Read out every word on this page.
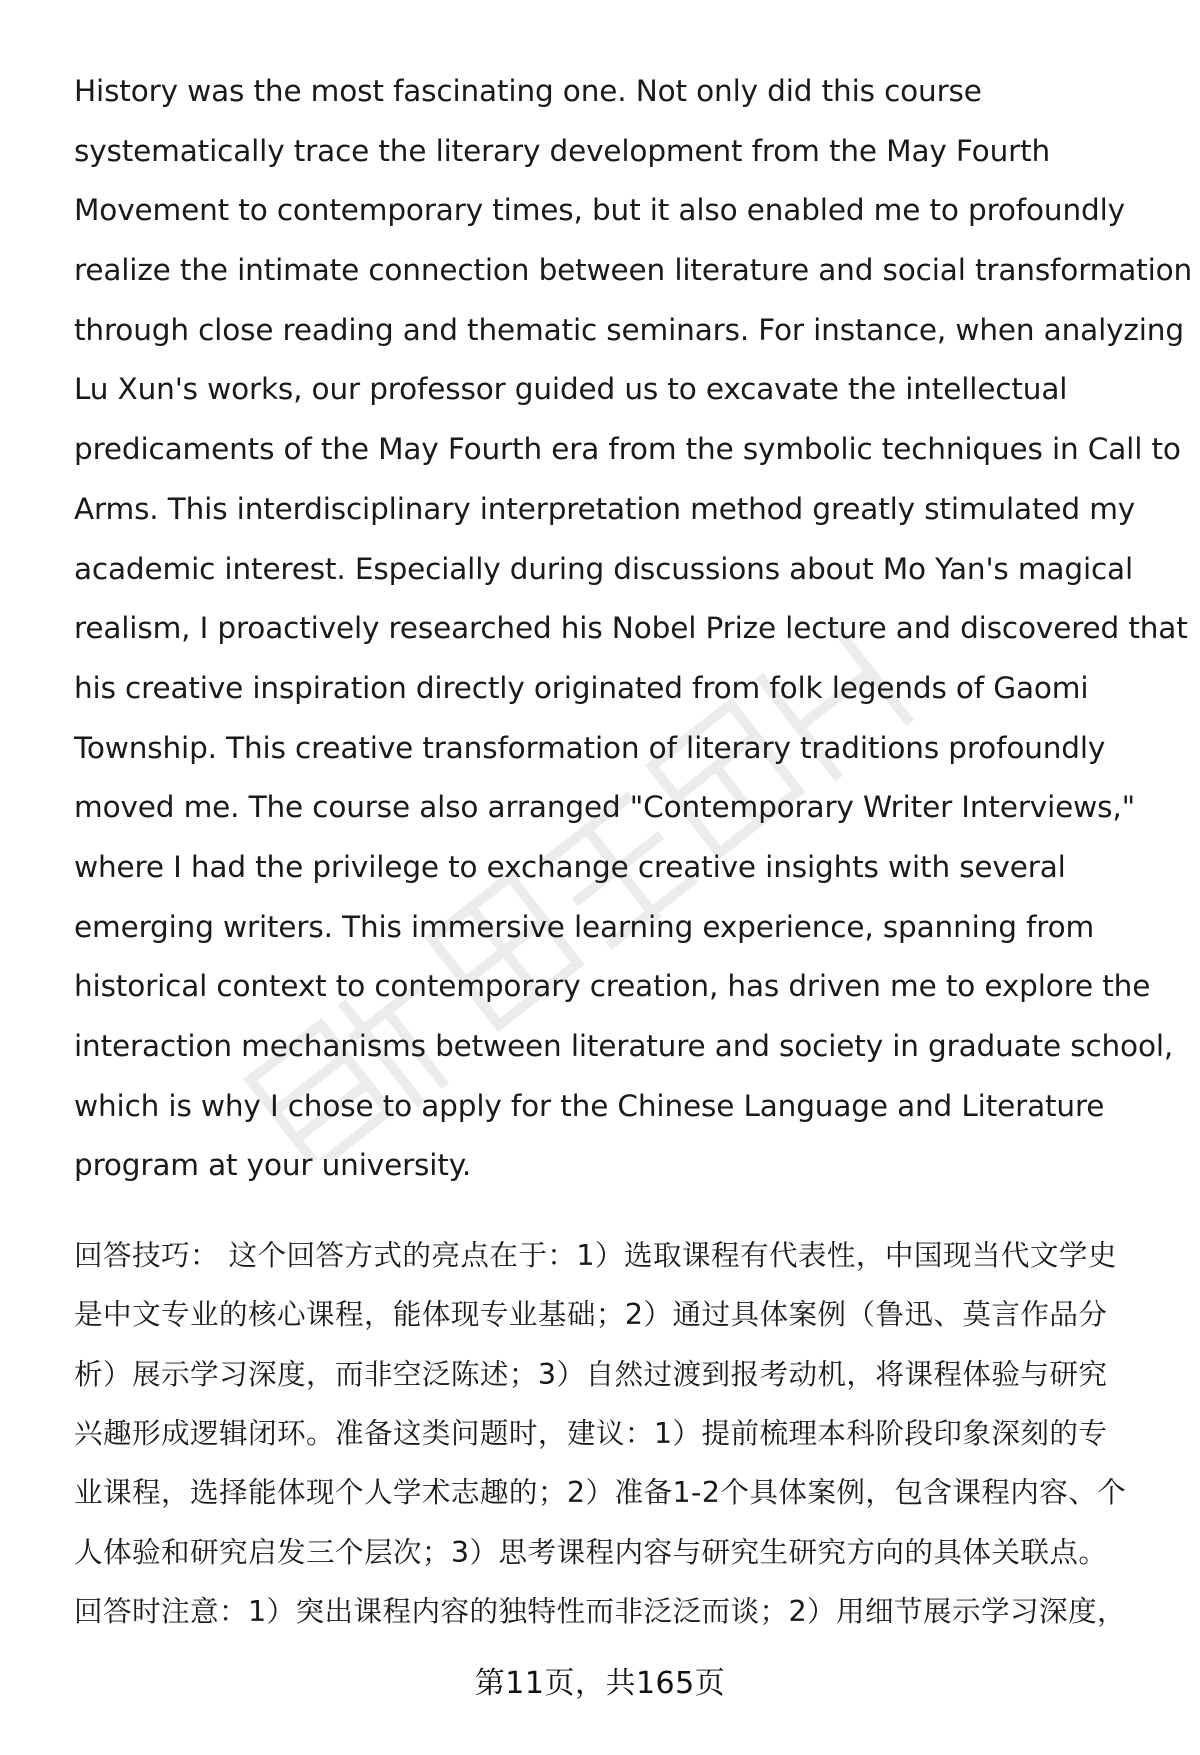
History was the most fascinating one. Not only did this course
systematically trace the literary development from the May Fourth
Movement to contemporary times, but it also enabled me to profoundly
realize the intimate connection between literature and social transformation
through close reading and thematic seminars. For instance, when analyzing
Lu Xun's works, our professor guided us to excavate the intellectual
predicaments of the May Fourth era from the symbolic techniques in Call to
Arms. This interdisciplinary interpretation method greatly stimulated my
academic interest. Especially during discussions about Mo Yan's magical
realism, I proactively researched his Nobel Prize lecture and discovered that
his creative inspiration directly originated from folk legends of Gaomi
Township. This creative transformation of literary traditions profoundly
moved me. The course also arranged "Contemporary Writer Interviews,"
where I had the privilege to exchange creative insights with several
emerging writers. This immersive learning experience, spanning from
historical context to contemporary creation, has driven me to explore the
interaction mechanisms between literature and society in graduate school,
which is why I chose to apply for the Chinese Language and Literature
program at your university.
回答技巧： 这个回答方式的亮点在于：1）选取课程有代表性，中国现当代文学史
是中文专业的核心课程，能体现专业基础；2）通过具体案例（鲁迅、莫言作品分
析）展示学习深度，而非空泛陈述；3）自然过渡到报考动机，将课程体验与研究
兴趣形成逻辑闭环。准备这类问题时，建议：1）提前梳理本科阶段印象深刻的专
业课程，选择能体现个人学术志趣的；2）准备1-2个具体案例，包含课程内容、个
人体验和研究启发三个层次；3）思考课程内容与研究生研究方向的具体关联点。
回答时注意：1）突出课程内容的独特性而非泛泛而谈；2）用细节展示学习深度，
第11页，共165页
